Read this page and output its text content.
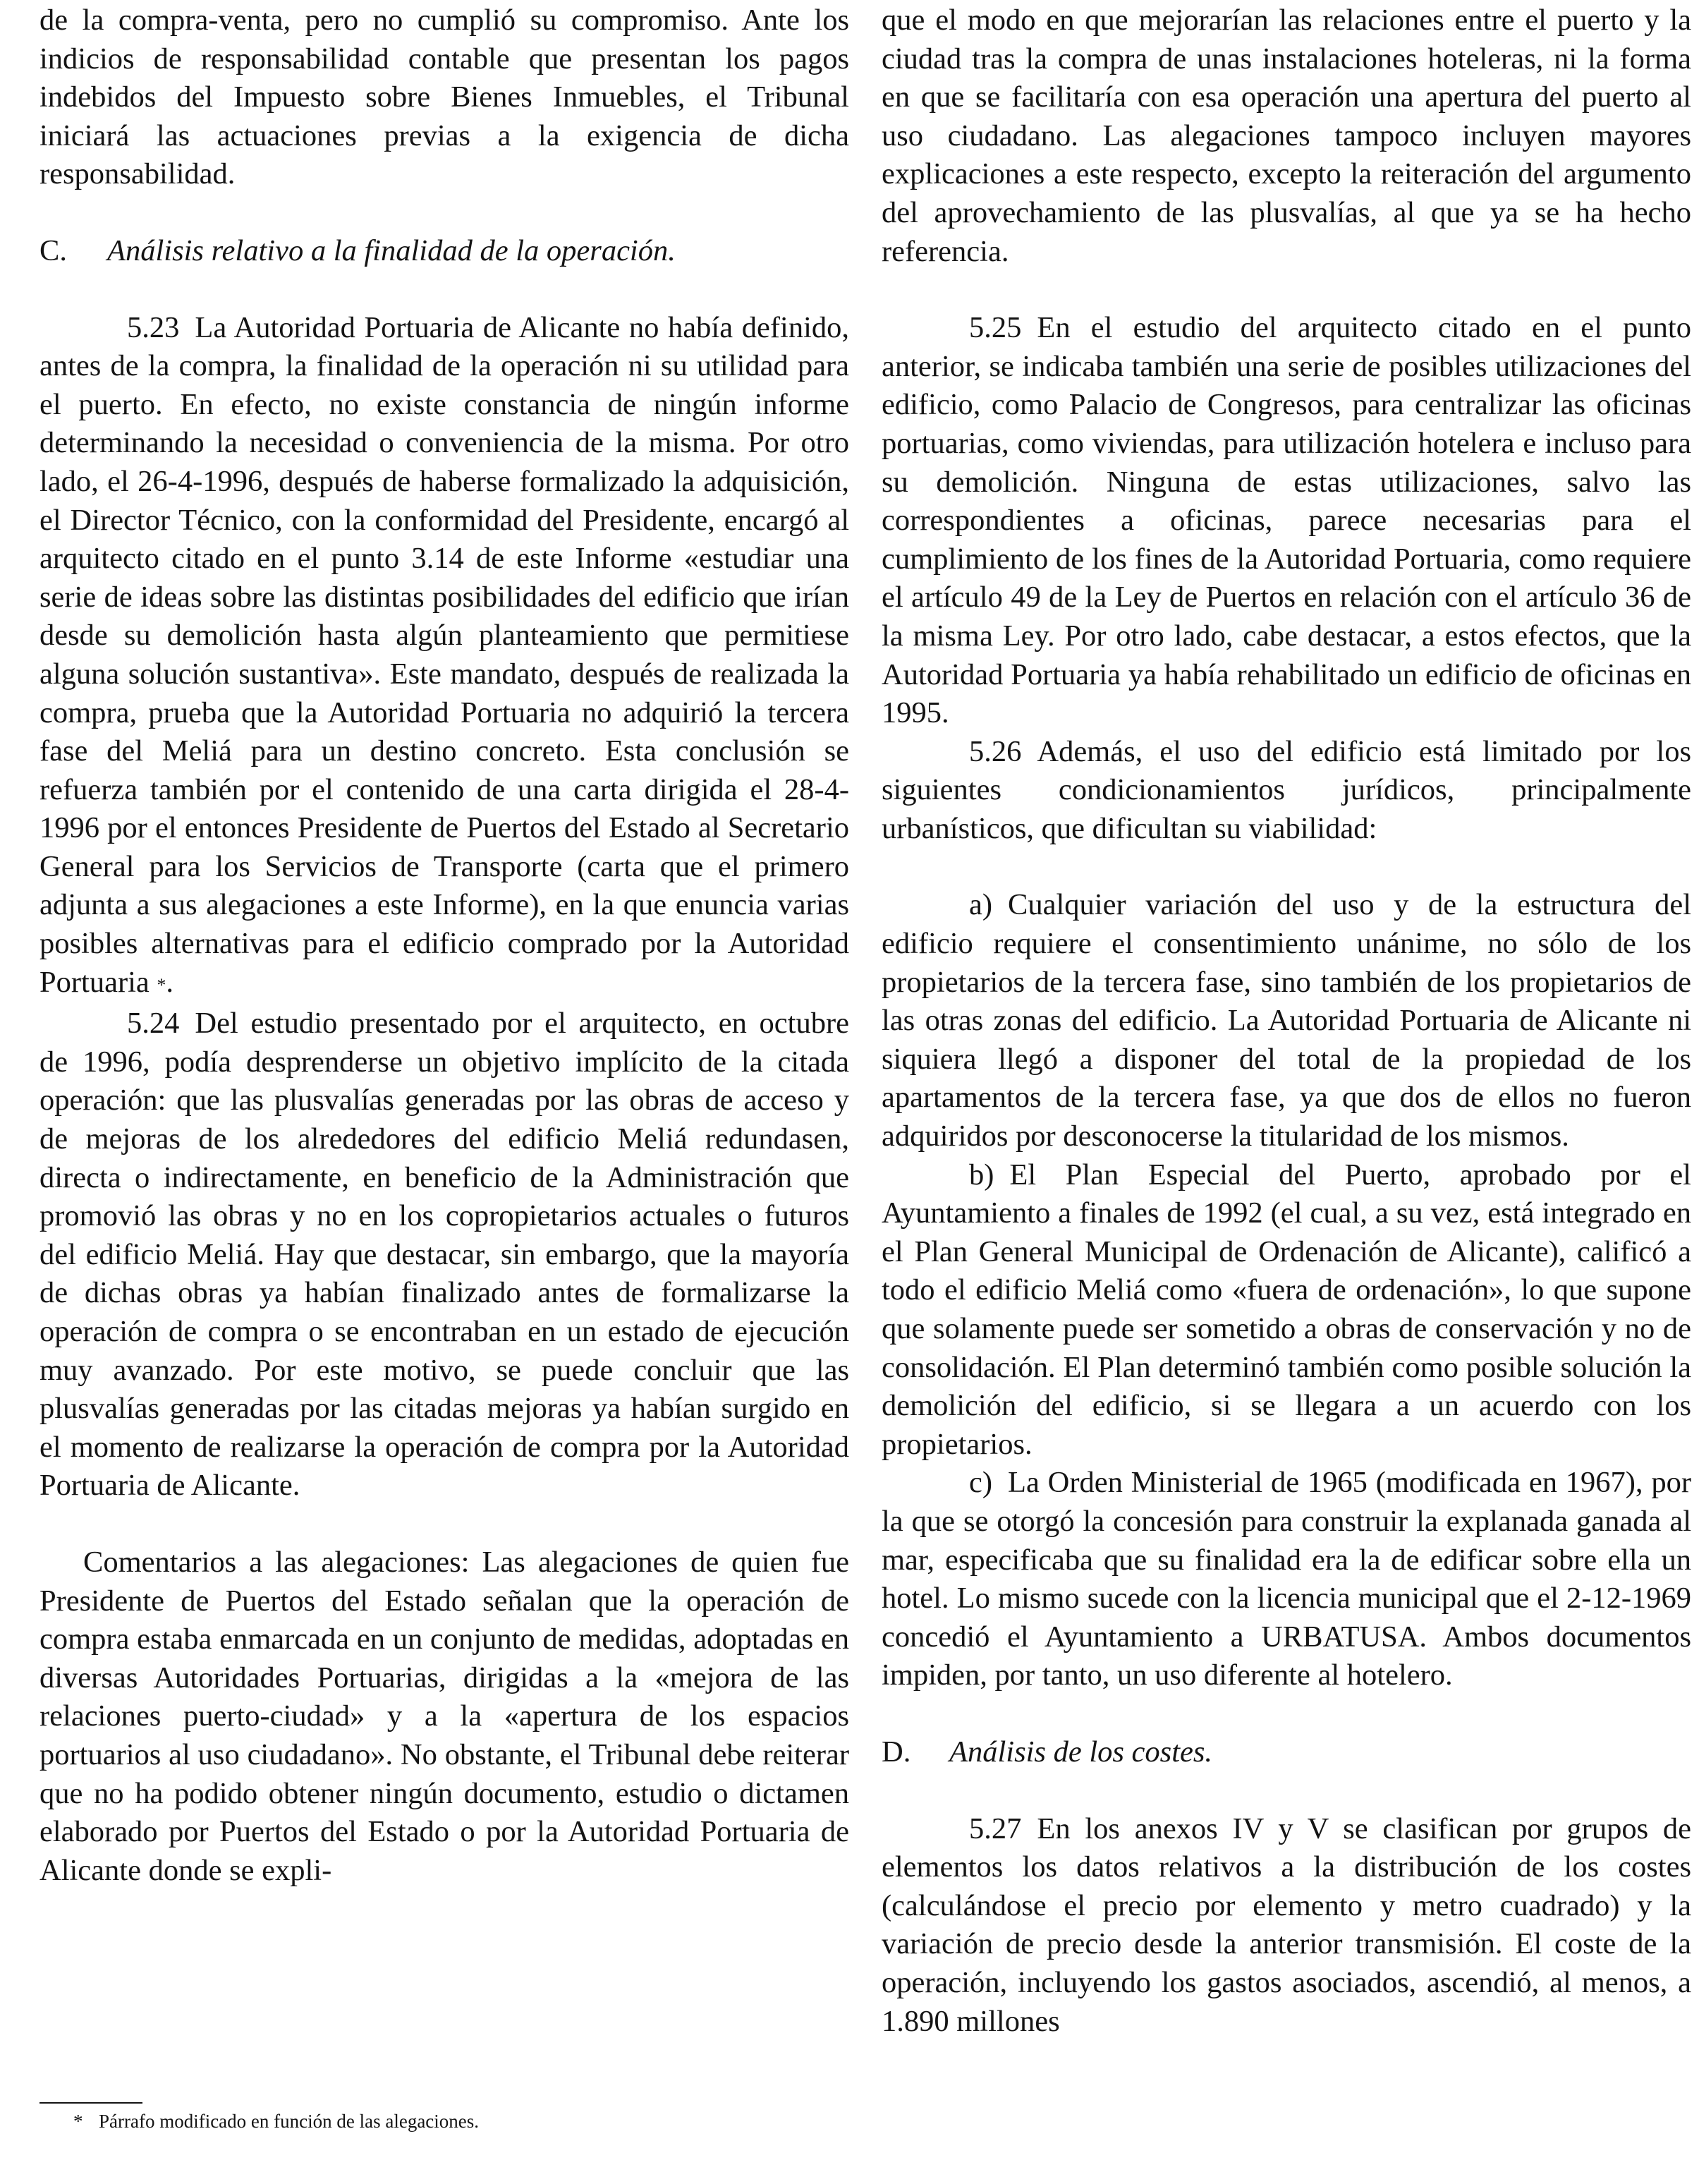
de la compra-venta, pero no cumplió su compromiso. Ante los indicios de responsabilidad contable que presentan los pagos indebidos del Impuesto sobre Bienes Inmuebles, el Tribunal iniciará las actuaciones previas a la exigencia de dicha responsabilidad.

C. Análisis relativo a la finalidad de la operación.

5.23 La Autoridad Portuaria de Alicante no había definido, antes de la compra, la finalidad de la operación ni su utilidad para el puerto. En efecto, no existe constancia de ningún informe determinando la necesidad o conveniencia de la misma. Por otro lado, el 26-4-1996, después de haberse formalizado la adquisición, el Director Técnico, con la conformidad del Presidente, encargó al arquitecto citado en el punto 3.14 de este Informe «estudiar una serie de ideas sobre las distintas posibilidades del edificio que irían desde su demolición hasta algún planteamiento que permitiese alguna solución sustantiva». Este mandato, después de realizada la compra, prueba que la Autoridad Portuaria no adquirió la tercera fase del Meliá para un destino concreto. Esta conclusión se refuerza también por el contenido de una carta dirigida el 28-4-1996 por el entonces Presidente de Puertos del Estado al Secretario General para los Servicios de Transporte (carta que el primero adjunta a sus alegaciones a este Informe), en la que enuncia varias posibles alternativas para el edificio comprado por la Autoridad Portuaria *.

5.24 Del estudio presentado por el arquitecto, en octubre de 1996, podía desprenderse un objetivo implícito de la citada operación: que las plusvalías generadas por las obras de acceso y de mejoras de los alrededores del edificio Meliá redundasen, directa o indirectamente, en beneficio de la Administración que promovió las obras y no en los copropietarios actuales o futuros del edificio Meliá. Hay que destacar, sin embargo, que la mayoría de dichas obras ya habían finalizado antes de formalizarse la operación de compra o se encontraban en un estado de ejecución muy avanzado. Por este motivo, se puede concluir que las plusvalías generadas por las citadas mejoras ya habían surgido en el momento de realizarse la operación de compra por la Autoridad Portuaria de Alicante.

Comentarios a las alegaciones: Las alegaciones de quien fue Presidente de Puertos del Estado señalan que la operación de compra estaba enmarcada en un conjunto de medidas, adoptadas en diversas Autoridades Portuarias, dirigidas a la «mejora de las relaciones puerto-ciudad» y a la «apertura de los espacios portuarios al uso ciudadano». No obstante, el Tribunal debe reiterar que no ha podido obtener ningún documento, estudio o dictamen elaborado por Puertos del Estado o por la Autoridad Portuaria de Alicante donde se expli-

que el modo en que mejorarían las relaciones entre el puerto y la ciudad tras la compra de unas instalaciones hoteleras, ni la forma en que se facilitaría con esa operación una apertura del puerto al uso ciudadano. Las alegaciones tampoco incluyen mayores explicaciones a este respecto, excepto la reiteración del argumento del aprovechamiento de las plusvalías, al que ya se ha hecho referencia.

5.25 En el estudio del arquitecto citado en el punto anterior, se indicaba también una serie de posibles utilizaciones del edificio, como Palacio de Congresos, para centralizar las oficinas portuarias, como viviendas, para utilización hotelera e incluso para su demolición. Ninguna de estas utilizaciones, salvo las correspondientes a oficinas, parece necesarias para el cumplimiento de los fines de la Autoridad Portuaria, como requiere el artículo 49 de la Ley de Puertos en relación con el artículo 36 de la misma Ley. Por otro lado, cabe destacar, a estos efectos, que la Autoridad Portuaria ya había rehabilitado un edificio de oficinas en 1995.

5.26 Además, el uso del edificio está limitado por los siguientes condicionamientos jurídicos, principalmente urbanísticos, que dificultan su viabilidad:

a) Cualquier variación del uso y de la estructura del edificio requiere el consentimiento unánime, no sólo de los propietarios de la tercera fase, sino también de los propietarios de las otras zonas del edificio. La Autoridad Portuaria de Alicante ni siquiera llegó a disponer del total de la propiedad de los apartamentos de la tercera fase, ya que dos de ellos no fueron adquiridos por desconocerse la titularidad de los mismos.

b) El Plan Especial del Puerto, aprobado por el Ayuntamiento a finales de 1992 (el cual, a su vez, está integrado en el Plan General Municipal de Ordenación de Alicante), calificó a todo el edificio Meliá como «fuera de ordenación», lo que supone que solamente puede ser sometido a obras de conservación y no de consolidación. El Plan determinó también como posible solución la demolición del edificio, si se llegara a un acuerdo con los propietarios.

c) La Orden Ministerial de 1965 (modificada en 1967), por la que se otorgó la concesión para construir la explanada ganada al mar, especificaba que su finalidad era la de edificar sobre ella un hotel. Lo mismo sucede con la licencia municipal que el 2-12-1969 concedió el Ayuntamiento a URBATUSA. Ambos documentos impiden, por tanto, un uso diferente al hotelero.

D. Análisis de los costes.

5.27 En los anexos IV y V se clasifican por grupos de elementos los datos relativos a la distribución de los costes (calculándose el precio por elemento y metro cuadrado) y la variación de precio desde la anterior transmisión. El coste de la operación, incluyendo los gastos asociados, ascendió, al menos, a 1.890 millones

* Párrafo modificado en función de las alegaciones.
